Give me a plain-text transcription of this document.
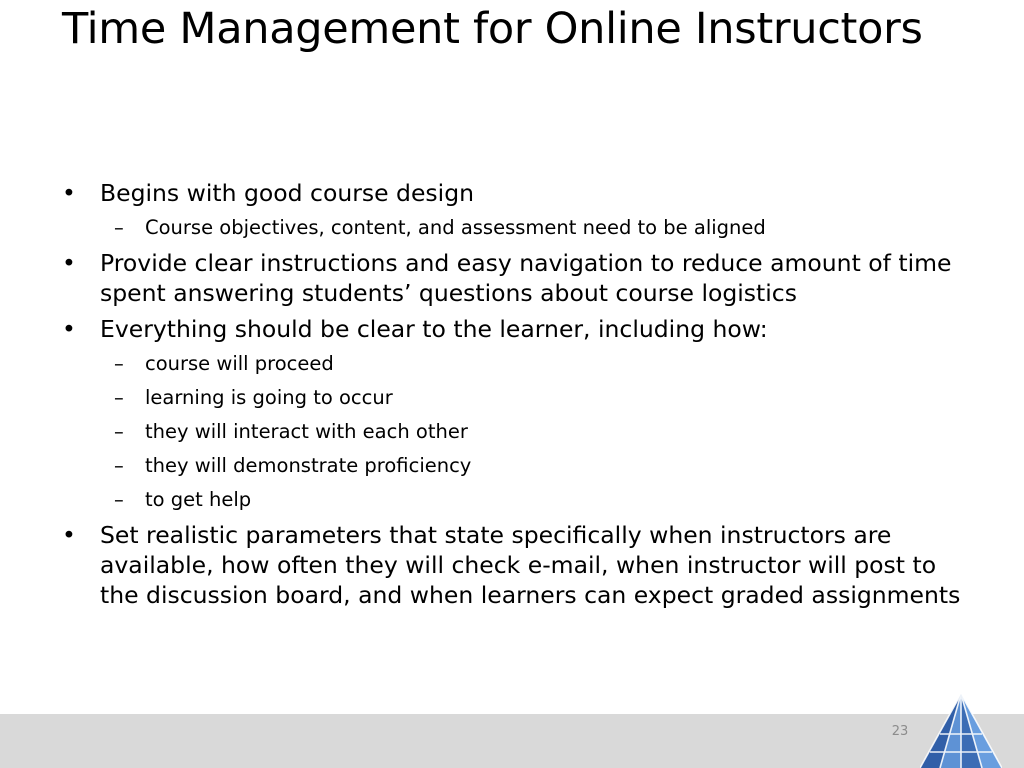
Time Management for Online Instructors
• Begins with good course design
– Course objectives, content, and assessment need to be aligned
• Provide clear instructions and easy navigation to reduce amount of time spent answering students’ questions about course logistics
• Everything should be clear to the learner, including how:
– course will proceed
– learning is going to occur
– they will interact with each other
– they will demonstrate proficiency
– to get help
• Set realistic parameters that state specifically when instructors are available, how often they will check e-mail, when instructor will post to the discussion board, and when learners can expect graded assignments
23
